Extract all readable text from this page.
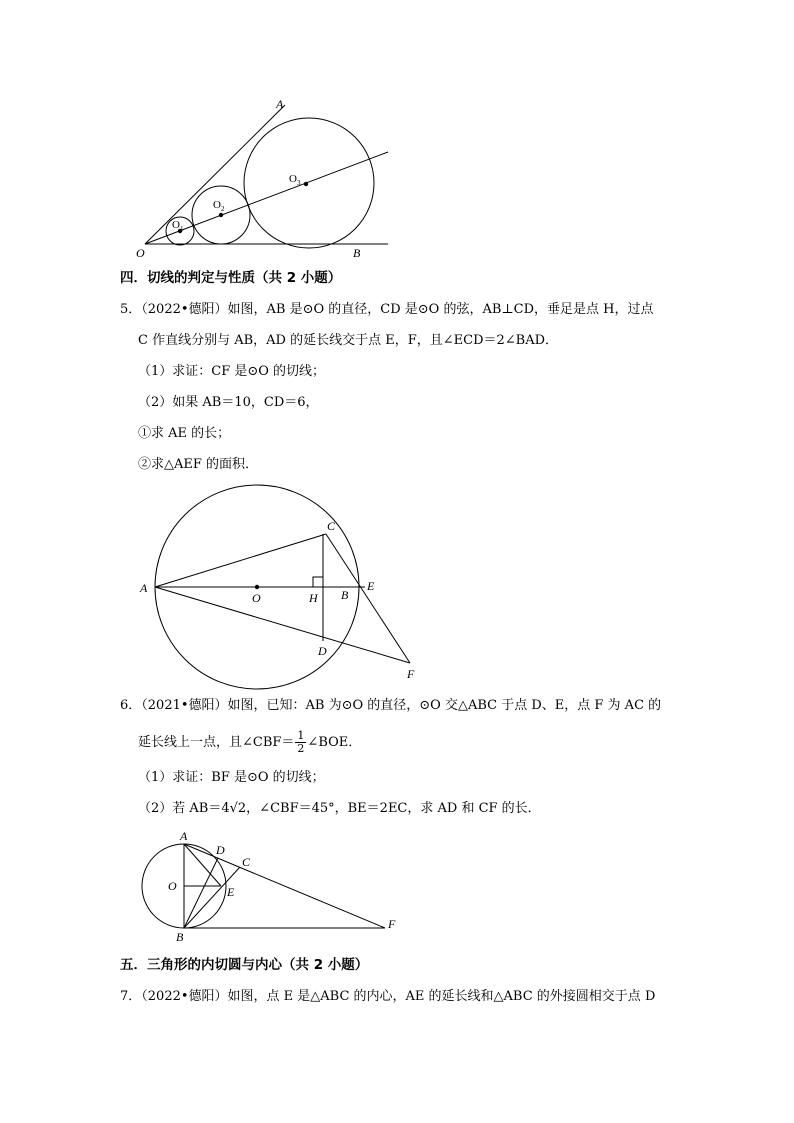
A
O	B
$O_1$
$O_2$
$O_3$
四．切线的判定与性质（共 2 小题）
5．（2022•德阳）如图，AB 是⊙O 的直径，CD 是⊙O 的弦，AB⊥CD，垂足是点 H，过点
C 作直线分别与 AB，AD 的延长线交于点 E，F，且∠ECD＝2∠BAD．
（1）求证：CF 是⊙O 的切线；
（2）如果 AB＝10，CD＝6，
①求 AE 的长；
②求△AEF 的面积．
A
O	H B
E
C
D
F
6．（2021•德阳）如图，已知：AB 为⊙O 的直径，⊙O 交△ABC 于点 D、E，点 F 为 AC 的
延长线上一点，且∠CBF＝ $\frac{1}{2}$ ∠BOE．
（1）求证：BF 是⊙O 的切线；
（2）若 AB＝4√2，∠CBF＝45°，BE＝2EC，求 AD 和 CF 的长．
A
D
C
O	E
B
F
五．三角形的内切圆与内心（共 2 小题）
7．（2022•德阳）如图，点 E 是△ABC 的内心，AE 的延长线和△ABC 的外接圆相交于点 D
